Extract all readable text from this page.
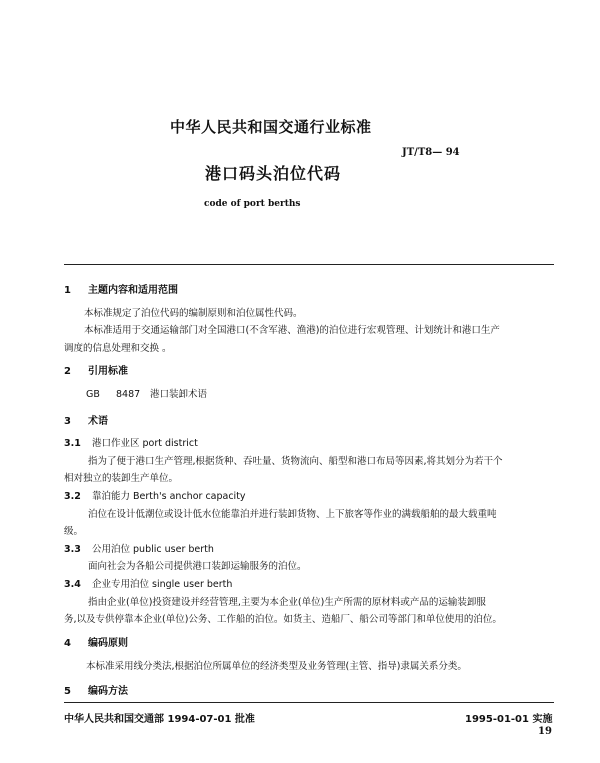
中华人民共和国交通行业标准
JT/T8— 94
港口码头泊位代码
code of port berths
1 主题内容和适用范围
本标准规定了泊位代码的编制原则和泊位属性代码。
本标准适用于交通运输部门对全国港口(不含军港、渔港)的泊位进行宏观管理、计划统计和港口生产
调度的信息处理和交换 。
2 引用标准
GB 8487 港口装卸术语
3 术语
3.1 港口作业区 port district
指为了便于港口生产管理,根据货种、吞吐量、货物流向、船型和港口布局等因素,将其划分为若干个
相对独立的装卸生产单位。
3.2 靠泊能力 Berth's anchor capacity
泊位在设计低潮位或设计低水位能靠泊并进行装卸货物、上下旅客等作业的满载船舶的最大载重吨
级。
3.3 公用泊位 public user berth
面向社会为各船公司提供港口装卸运输服务的泊位。
3.4 企业专用泊位 single user berth
指由企业(单位)投资建设并经营管理,主要为本企业(单位)生产所需的原材料或产品的运输装卸服
务,以及专供停靠本企业(单位)公务、工作船的泊位。如货主、造船厂、船公司等部门和单位使用的泊位。
4 编码原则
本标准采用线分类法,根据泊位所属单位的经济类型及业务管理(主管、指导)隶属关系分类。
5 编码方法
中华人民共和国交通部 1994-07-01 批准	1995-01-01 实施
19
